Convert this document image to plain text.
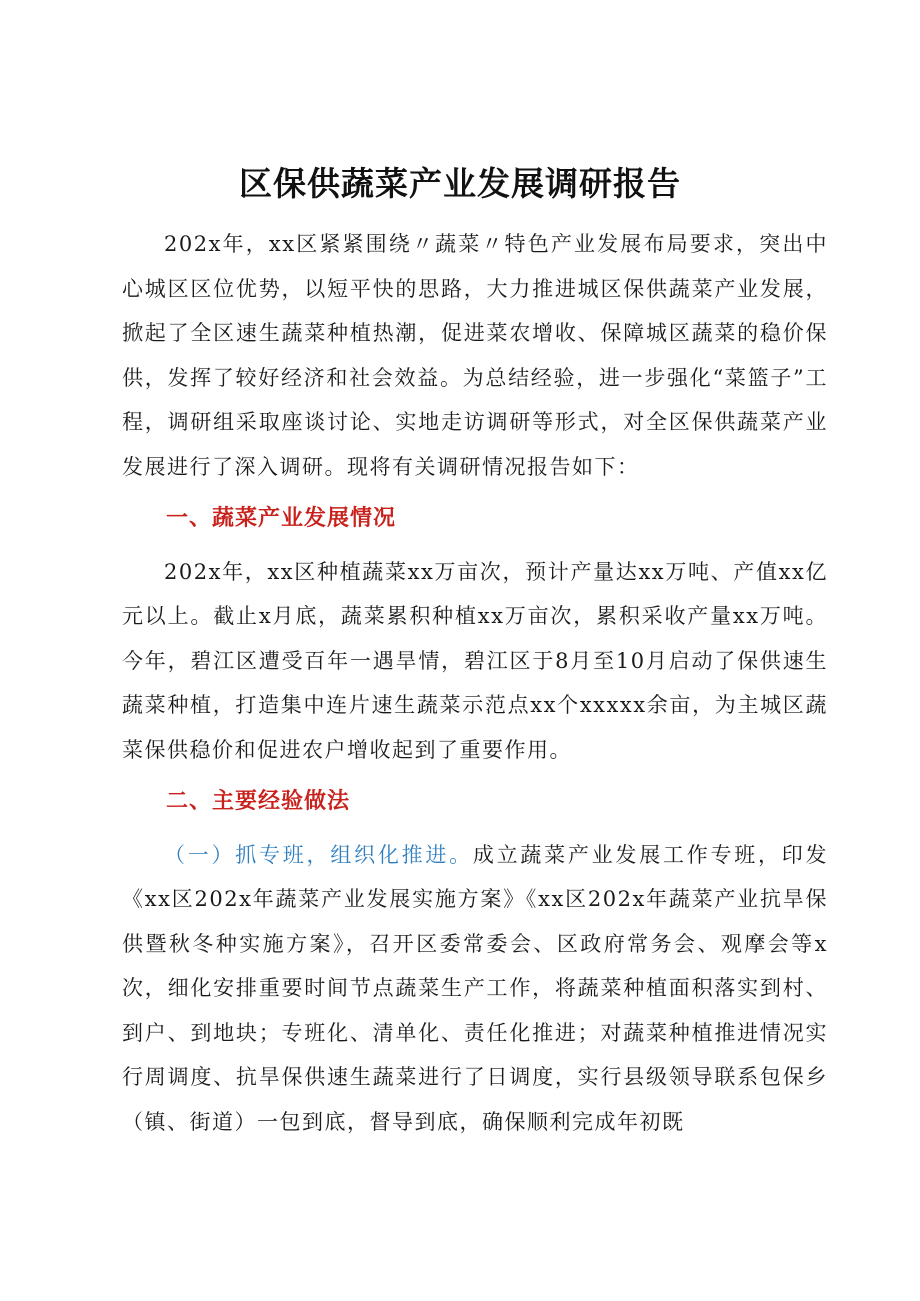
区保供蔬菜产业发展调研报告

202x年，xx区紧紧围绕〃蔬菜〃特色产业发展布局要求，突出中心城区区位优势，以短平快的思路，大力推进城区保供蔬菜产业发展，掀起了全区速生蔬菜种植热潮，促进菜农增收、保障城区蔬菜的稳价保供，发挥了较好经济和社会效益。为总结经验，进一步强化“菜篮子”工程，调研组采取座谈讨论、实地走访调研等形式，对全区保供蔬菜产业发展进行了深入调研。现将有关调研情况报告如下：

一、蔬菜产业发展情况

202x年，xx区种植蔬菜xx万亩次，预计产量达xx万吨、产值xx亿元以上。截止x月底，蔬菜累积种植xx万亩次，累积采收产量xx万吨。今年，碧江区遭受百年一遇旱情，碧江区于8月至10月启动了保供速生蔬菜种植，打造集中连片速生蔬菜示范点xx个xxxxx余亩，为主城区蔬菜保供稳价和促进农户增收起到了重要作用。

二、主要经验做法

（一）抓专班，组织化推进。成立蔬菜产业发展工作专班，印发《xx区202x年蔬菜产业发展实施方案》《xx区202x年蔬菜产业抗旱保供暨秋冬种实施方案》，召开区委常委会、区政府常务会、观摩会等x次，细化安排重要时间节点蔬菜生产工作，将蔬菜种植面积落实到村、到户、到地块；专班化、清单化、责任化推进；对蔬菜种植推进情况实行周调度、抗旱保供速生蔬菜进行了日调度，实行县级领导联系包保乡（镇、街道）一包到底，督导到底，确保顺利完成年初既
